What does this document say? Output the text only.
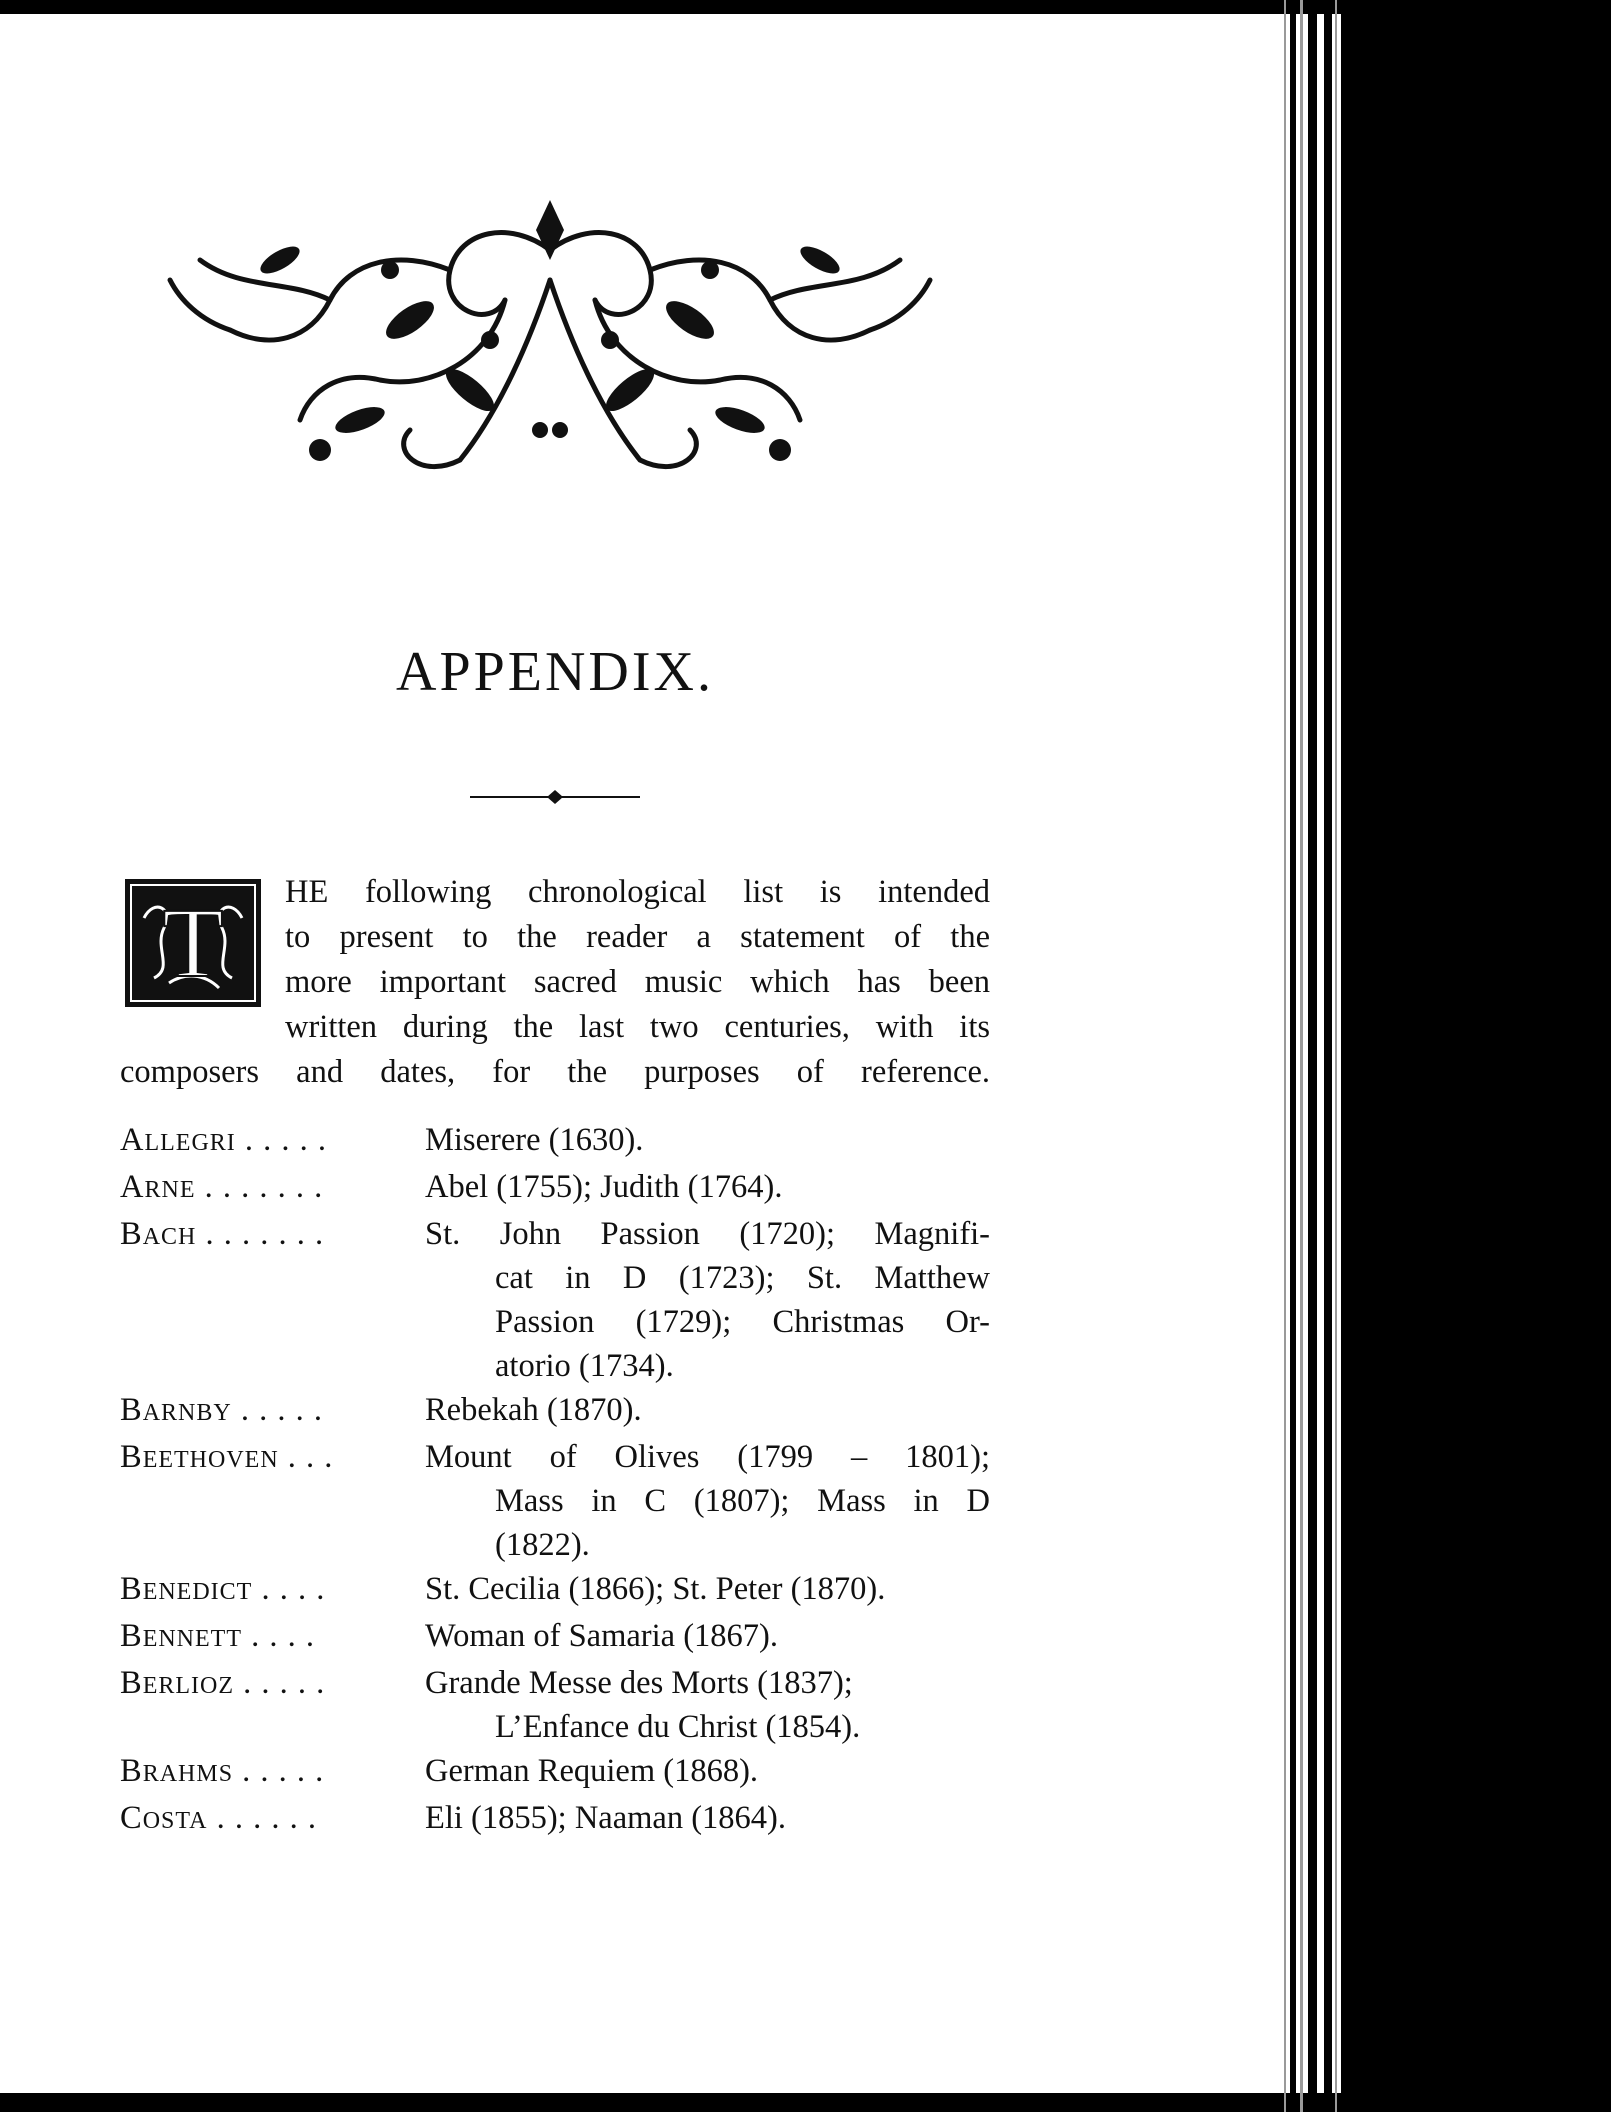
APPENDIX.
T	HE following chronological list is intended
to present to the reader a statement of the
more important sacred music which has been
written during the last two centuries, with its
composers and dates, for the purposes of reference.
ALLEGRI . . . . .	Miserere (1630).
ARNE . . . . . . .	Abel (1755); Judith (1764).
BACH . . . . . . .	St. John Passion (1720); Magnifi-
cat in D (1723); St. Matthew
Passion (1729); Christmas Or-
atorio (1734).
BARNBY . . . . .	Rebekah (1870).
BEETHOVEN . . .	Mount of Olives (1799 – 1801);
Mass in C (1807); Mass in D
(1822).
BENEDICT . . . .	St. Cecilia (1866); St. Peter (1870).
BENNETT . . . .	Woman of Samaria (1867).
BERLIOZ . . . . .	Grande Messe des Morts (1837);
L’Enfance du Christ (1854).
BRAHMS . . . . .	German Requiem (1868).
COSTA . . . . . .	Eli (1855); Naaman (1864).
